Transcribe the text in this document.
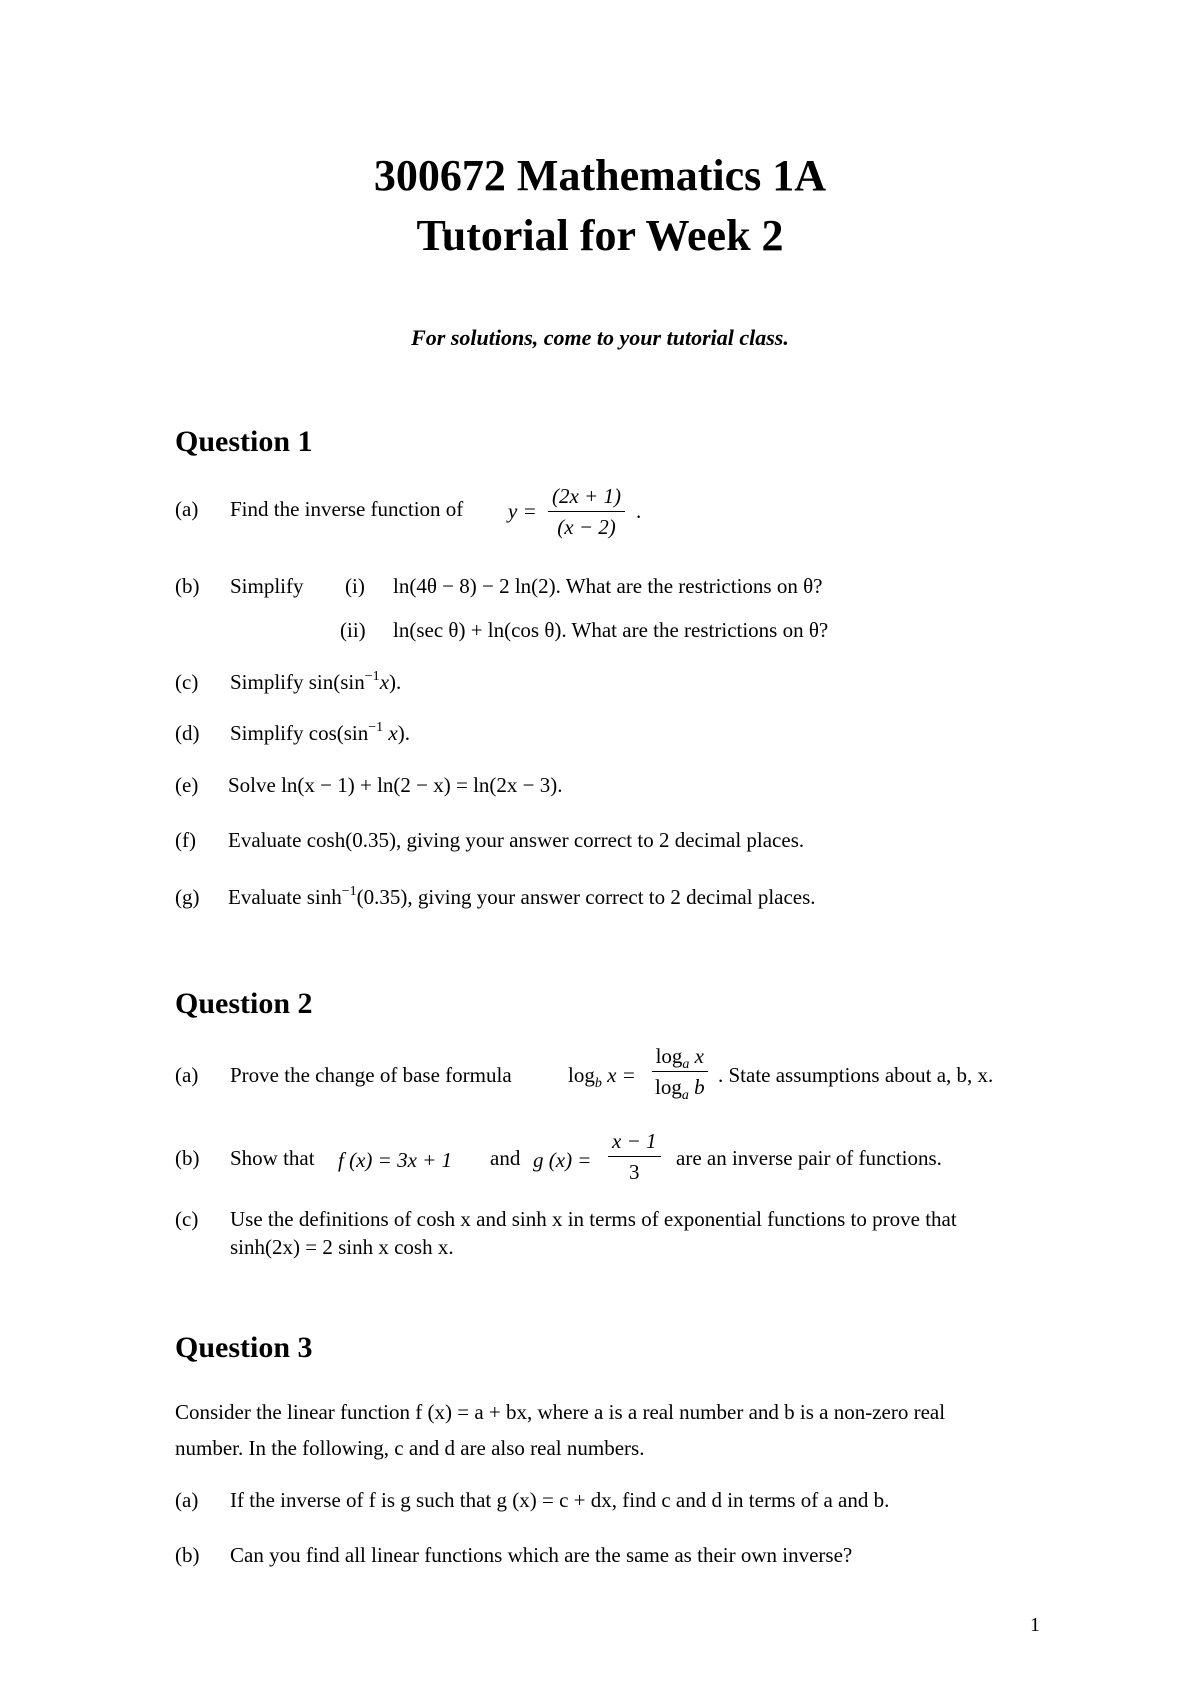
300672 Mathematics 1A
Tutorial for Week 2
For solutions, come to your tutorial class.
Question 1
(a) Find the inverse function of $y = \frac{(2x + 1)}{(x - 2)}$ .
(b) Simplify (i) ln(4θ − 8) − 2 ln(2). What are the restrictions on θ?
(ii) ln(sec θ) + ln(cos θ). What are the restrictions on θ?
(c) Simplify $\sin(\sin^{-1}x)$.
(d) Simplify $\cos(\sin^{-1}$ x).
(e) Solve ln(x − 1) + ln(2 − x) = ln(2x − 3).
(f) Evaluate cosh(0.35), giving your answer correct to 2 decimal places.
(g) Evaluate $\sinh^{-1}(0.35)$, giving your answer correct to 2 decimal places.
Question 2
(a) Prove the change of base formula	$\log_b x = \frac{\log_a x}{\log_a b}$ . State assumptions about a, b, x.
(b) Show that f (x) = 3x + 1 and g $(x) = \frac{x - 1}{3}$ are an inverse pair of functions.
(c) Use the definitions of cosh x and sinh x in terms of exponential functions to prove that
sinh(2x) = 2 sinh x cosh x.
Question 3
Consider the linear function f (x) = a + bx, where a is a real number and b is a non-zero real
number. In the following, c and d are also real numbers.
(a) If the inverse of f is g such that g (x) = c + dx, find c and d in terms of a and b.
(b) Can you find all linear functions which are the same as their own inverse?
1
